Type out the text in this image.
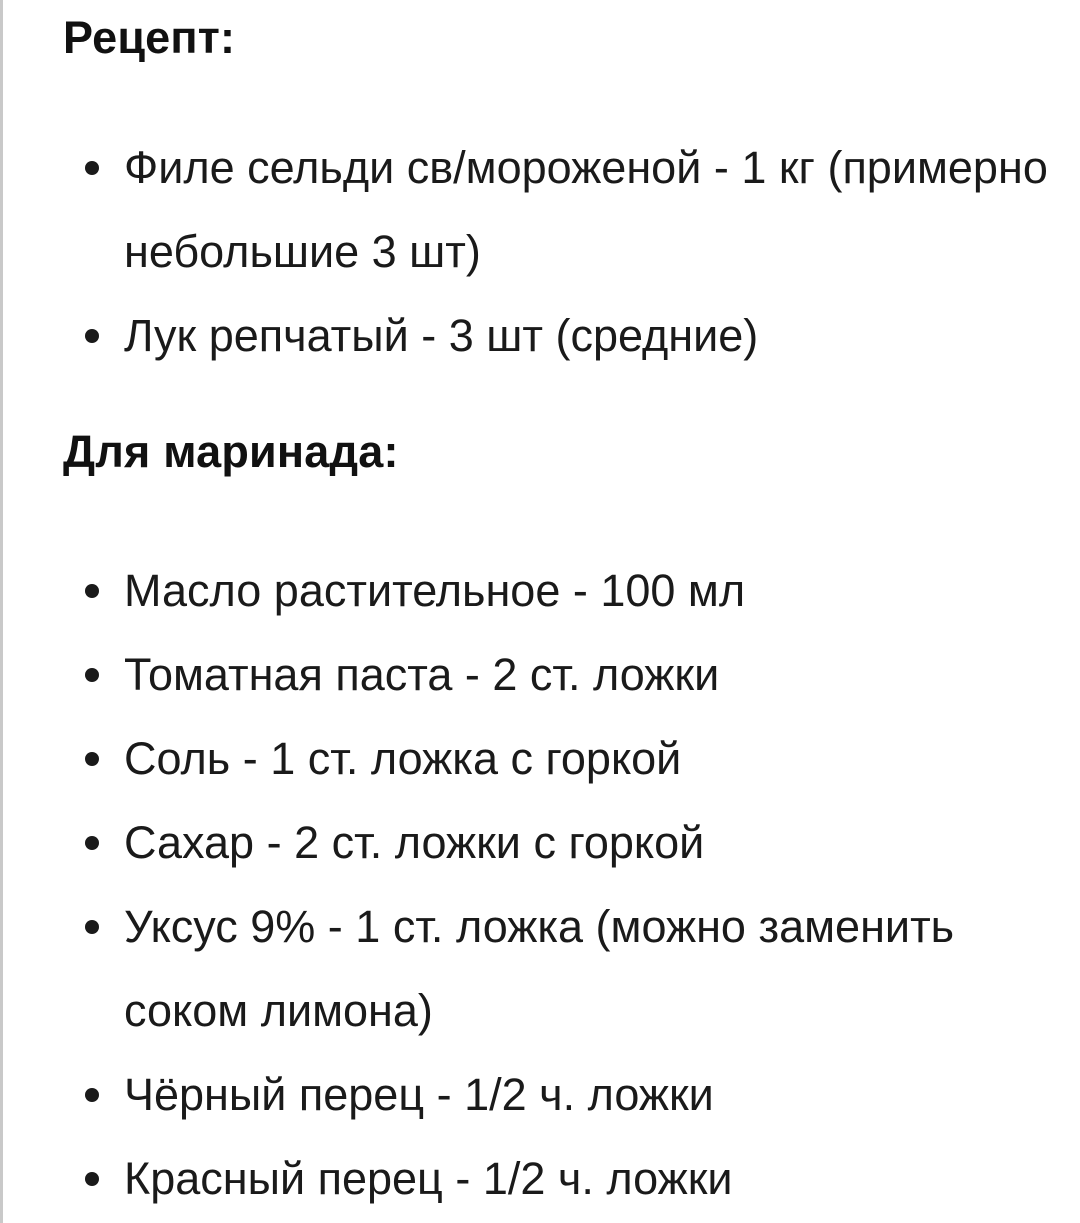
Рецепт:
Филе сельди св/мороженой - 1 кг (примерно небольшие 3 шт)
Лук репчатый - 3 шт (средние)
Для маринада:
Масло растительное - 100 мл
Томатная паста - 2 ст. ложки
Соль - 1 ст. ложка с горкой
Сахар - 2 ст. ложки с горкой
Уксус 9% - 1 ст. ложка (можно заменить соком лимона)
Чёрный перец - 1/2 ч. ложки
Красный перец - 1/2 ч. ложки
